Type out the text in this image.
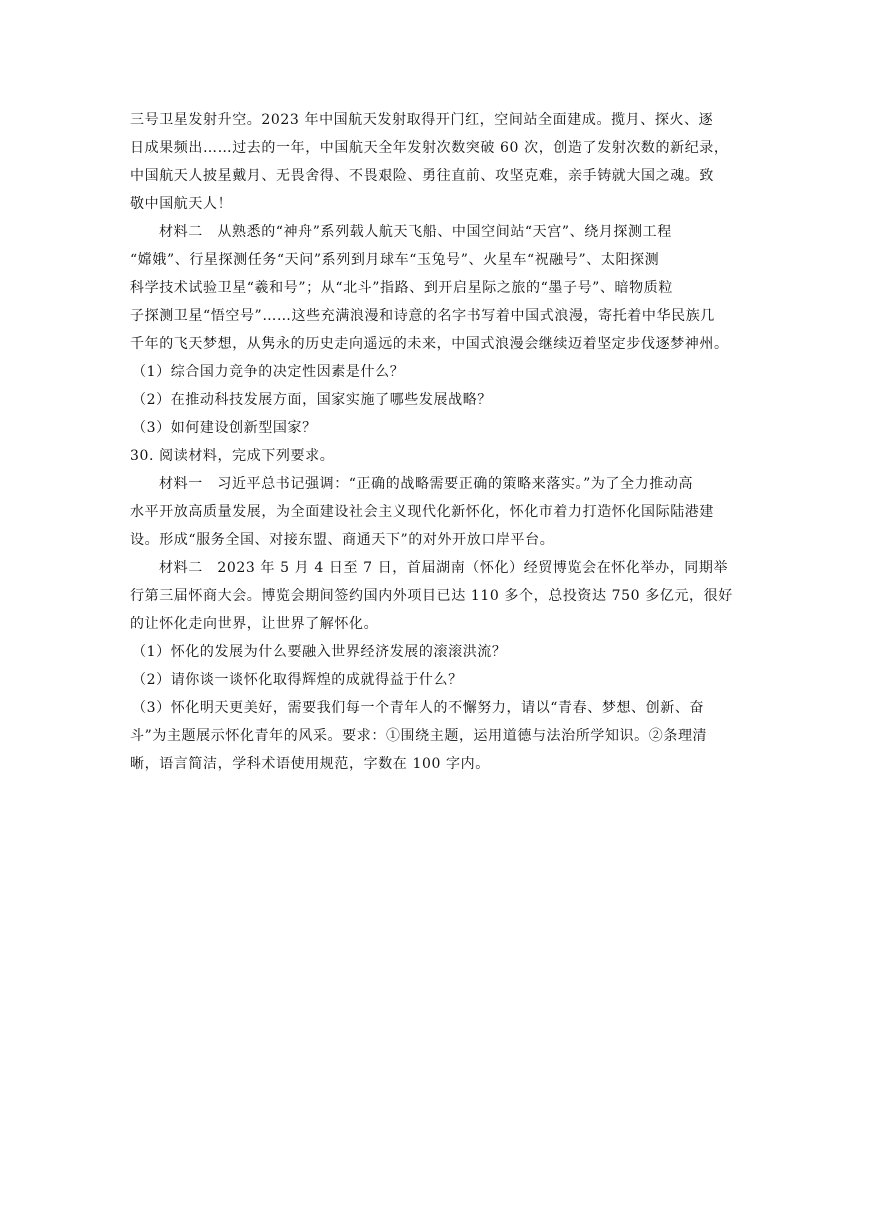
三号卫星发射升空。2023 年中国航天发射取得开门红，空间站全面建成。揽月、探火、逐
日成果频出……过去的一年，中国航天全年发射次数突破 60 次，创造了发射次数的新纪录，
中国航天人披星戴月、无畏舍得、不畏艰险、勇往直前、攻坚克难，亲手铸就大国之魂。致
敬中国航天人！
材料二　从熟悉的“神舟”系列载人航天飞船、中国空间站“天宫”、绕月探测工程
“嫦娥”、行星探测任务“天问”系列到月球车“玉兔号”、火星车“祝融号”、太阳探测
科学技术试验卫星“羲和号”；从“北斗”指路、到开启星际之旅的“墨子号”、暗物质粒
子探测卫星“悟空号”……这些充满浪漫和诗意的名字书写着中国式浪漫，寄托着中华民族几
千年的飞天梦想，从隽永的历史走向遥远的未来，中国式浪漫会继续迈着坚定步伐逐梦神州。
（1）综合国力竞争的决定性因素是什么？
（2）在推动科技发展方面，国家实施了哪些发展战略？
（3）如何建设创新型国家？
30. 阅读材料，完成下列要求。
材料一　习近平总书记强调：“正确的战略需要正确的策略来落实。”为了全力推动高
水平开放高质量发展，为全面建设社会主义现代化新怀化，怀化市着力打造怀化国际陆港建
设。形成“服务全国、对接东盟、商通天下”的对外开放口岸平台。
材料二　2023 年 5 月 4 日至 7 日，首届湖南（怀化）经贸博览会在怀化举办，同期举
行第三届怀商大会。博览会期间签约国内外项目已达 110 多个，总投资达 750 多亿元，很好
的让怀化走向世界，让世界了解怀化。
（1）怀化的发展为什么要融入世界经济发展的滚滚洪流？
（2）请你谈一谈怀化取得辉煌的成就得益于什么？
（3）怀化明天更美好，需要我们每一个青年人的不懈努力，请以“青春、梦想、创新、奋
斗”为主题展示怀化青年的风采。要求：①围绕主题，运用道德与法治所学知识。②条理清
晰，语言简洁，学科术语使用规范，字数在 100 字内。
